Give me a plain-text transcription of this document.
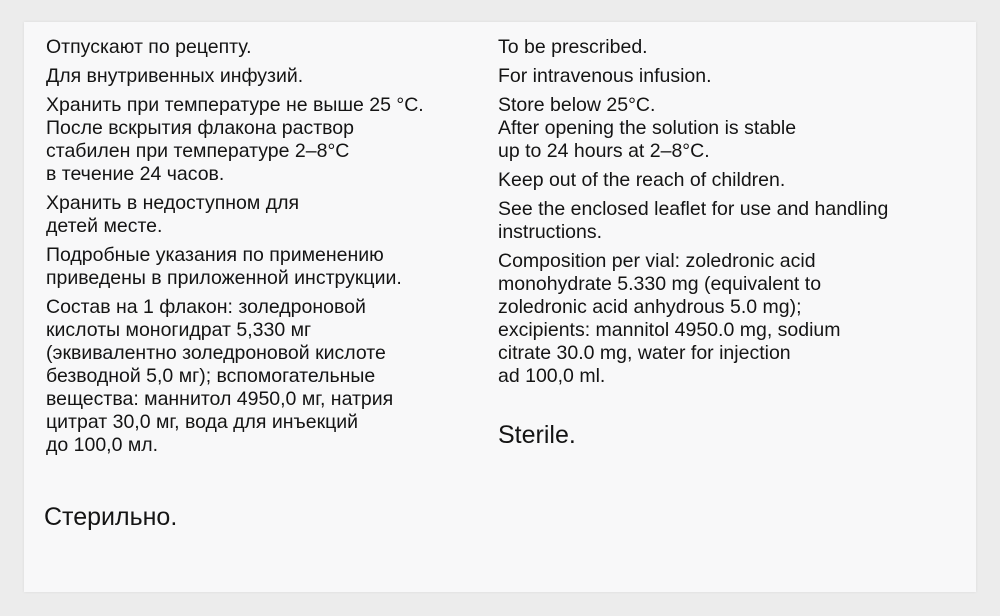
Отпускают по рецепту.

Для внутривенных инфузий.

Хранить при температуре не выше 25 °С.
После вскрытия флакона раствор
стабилен при температуре 2–8°С
в течение 24 часов.

Хранить в недоступном для
детей месте.

Подробные указания по применению
приведены в приложенной инструкции.

Состав на 1 флакон: золедроновой
кислоты моногидрат 5,330 мг
(эквивалентно золедроновой кислоте
безводной 5,0 мг); вспомогательные
вещества: маннитол 4950,0 мг, натрия
цитрат 30,0 мг, вода для инъекций
до 100,0 мл.

Стерильно.

To be prescribed.

For intravenous infusion.

Store below 25°C.
After opening the solution is stable
up to 24 hours at 2–8°C.

Keep out of the reach of children.

See the enclosed leaflet for use and handling
instructions.

Composition per vial: zoledronic acid
monohydrate 5.330 mg (equivalent to
zoledronic acid anhydrous 5.0 mg);
excipients: mannitol 4950.0 mg, sodium
citrate 30.0 mg, water for injection
ad 100,0 ml.

Sterile.
